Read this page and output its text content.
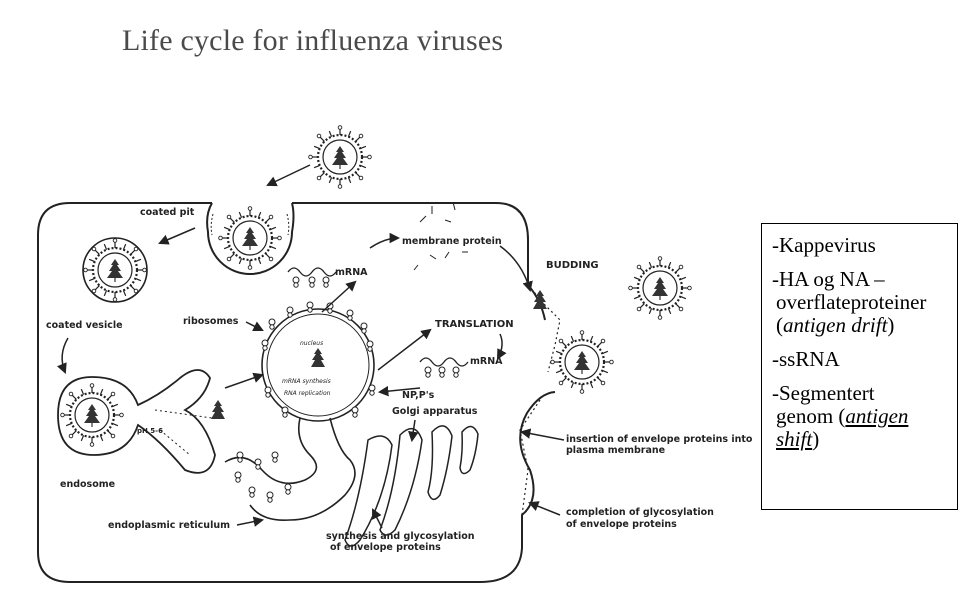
Life cycle for influenza viruses
coated pit
coated vesicle
endosome
pH 5-6
endoplasmic reticulum
ribosomes
mRNA
mRNA
membrane protein
BUDDING
TRANSLATION
NP,P's
Golgi apparatus
nucleus
mRNA synthesis
RNA replication
insertion of envelope proteins into
plasma membrane
synthesis and glycosylation
of envelope proteins
completion of glycosylation
of envelope proteins

-Kappevirus

-HA og NA –

overflateproteiner
(antigen drift)

-ssRNA

-Segmentert

genom (antigen
shift)
